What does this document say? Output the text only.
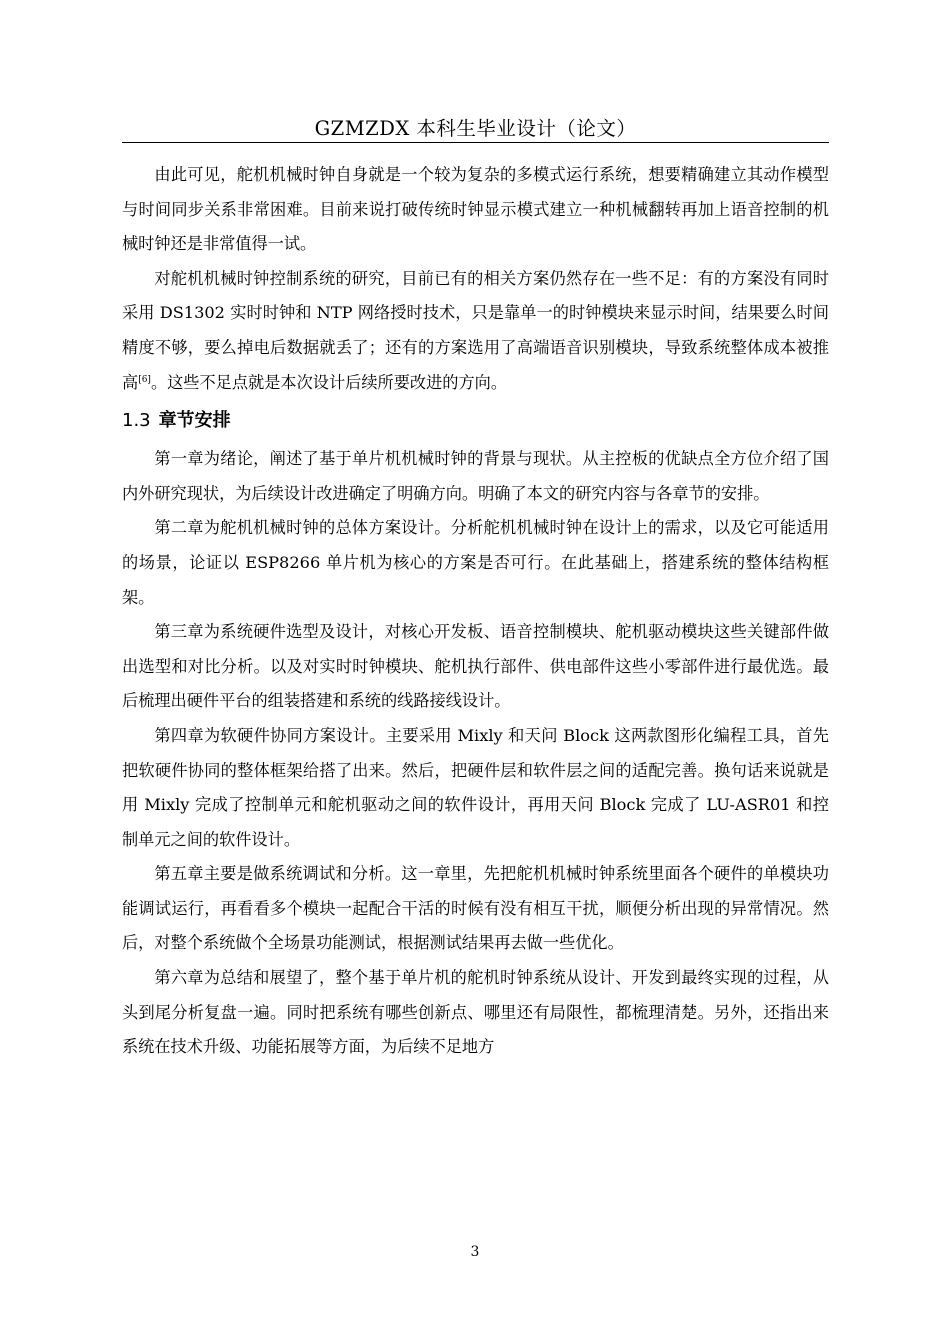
GZMZDX 本科生毕业设计（论文）

由此可见，舵机机械时钟自身就是一个较为复杂的多模式运行系统，想要精确建立其动作模型与时间同步关系非常困难。目前来说打破传统时钟显示模式建立一种机械翻转再加上语音控制的机械时钟还是非常值得一试。

对舵机机械时钟控制系统的研究，目前已有的相关方案仍然存在一些不足：有的方案没有同时采用 DS1302 实时时钟和 NTP 网络授时技术，只是靠单一的时钟模块来显示时间，结果要么时间精度不够，要么掉电后数据就丢了；还有的方案选用了高端语音识别模块，导致系统整体成本被推高[6]。这些不足点就是本次设计后续所要改进的方向。

1.3 章节安排

第一章为绪论，阐述了基于单片机机械时钟的背景与现状。从主控板的优缺点全方位介绍了国内外研究现状，为后续设计改进确定了明确方向。明确了本文的研究内容与各章节的安排。

第二章为舵机机械时钟的总体方案设计。分析舵机机械时钟在设计上的需求，以及它可能适用的场景，论证以 ESP8266 单片机为核心的方案是否可行。在此基础上，搭建系统的整体结构框架。

第三章为系统硬件选型及设计，对核心开发板、语音控制模块、舵机驱动模块这些关键部件做出选型和对比分析。以及对实时时钟模块、舵机执行部件、供电部件这些小零部件进行最优选。最后梳理出硬件平台的组装搭建和系统的线路接线设计。

第四章为软硬件协同方案设计。主要采用 Mixly 和天问 Block 这两款图形化编程工具，首先把软硬件协同的整体框架给搭了出来。然后，把硬件层和软件层之间的适配完善。换句话来说就是用 Mixly 完成了控制单元和舵机驱动之间的软件设计，再用天问 Block 完成了 LU-ASR01 和控制单元之间的软件设计。

第五章主要是做系统调试和分析。这一章里，先把舵机机械时钟系统里面各个硬件的单模块功能调试运行，再看看多个模块一起配合干活的时候有没有相互干扰，顺便分析出现的异常情况。然后，对整个系统做个全场景功能测试，根据测试结果再去做一些优化。

第六章为总结和展望了，整个基于单片机的舵机时钟系统从设计、开发到最终实现的过程，从头到尾分析复盘一遍。同时把系统有哪些创新点、哪里还有局限性，都梳理清楚。另外，还指出来系统在技术升级、功能拓展等方面，为后续不足地方

3
